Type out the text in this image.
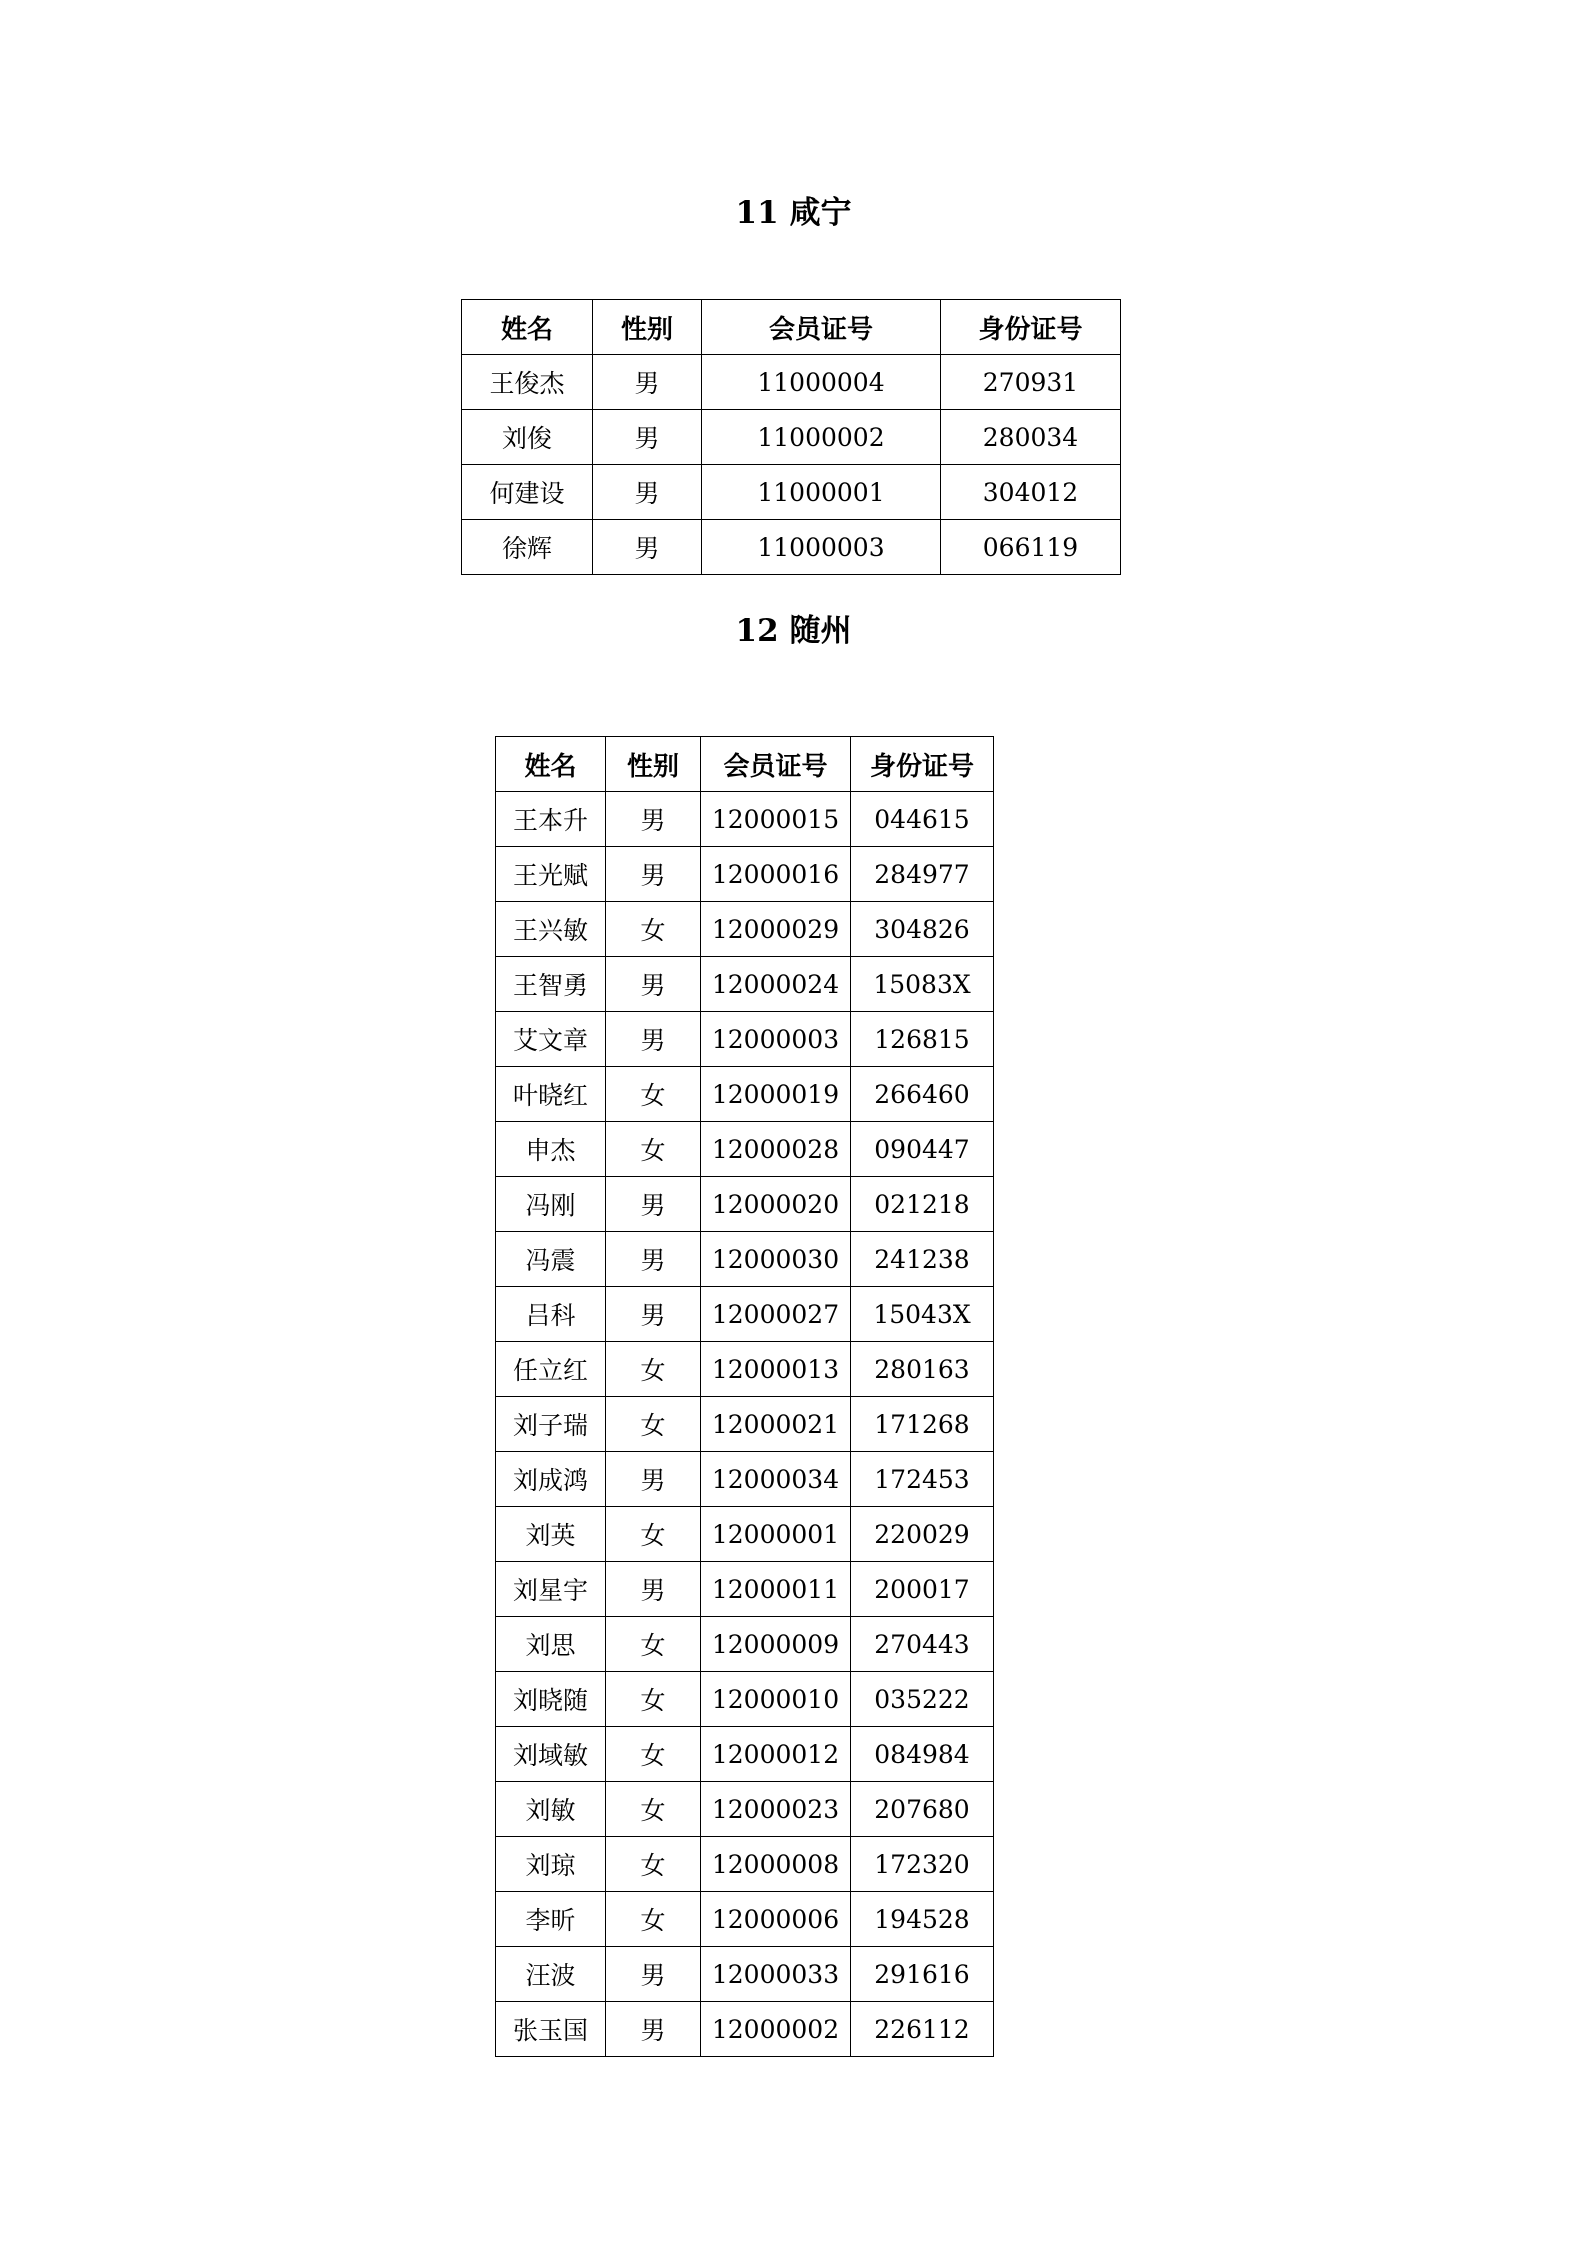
11 咸宁
姓名	性别	会员证号	身份证号
王俊杰	男	11000004	270931
刘俊	男	11000002	280034
何建设	男	11000001	304012
徐辉	男	11000003	066119
12 随州
姓名	性别	会员证号	身份证号
王本升	男	12000015	044615
王光赋	男	12000016	284977
王兴敏	女	12000029	304826
王智勇	男	12000024	15083X
艾文章	男	12000003	126815
叶晓红	女	12000019	266460
申杰	女	12000028	090447
冯刚	男	12000020	021218
冯震	男	12000030	241238
吕科	男	12000027	15043X
任立红	女	12000013	280163
刘子瑞	女	12000021	171268
刘成鸿	男	12000034	172453
刘英	女	12000001	220029
刘星宇	男	12000011	200017
刘思	女	12000009	270443
刘晓随	女	12000010	035222
刘域敏	女	12000012	084984
刘敏	女	12000023	207680
刘琼	女	12000008	172320
李昕	女	12000006	194528
汪波	男	12000033	291616
张玉国	男	12000002	226112
